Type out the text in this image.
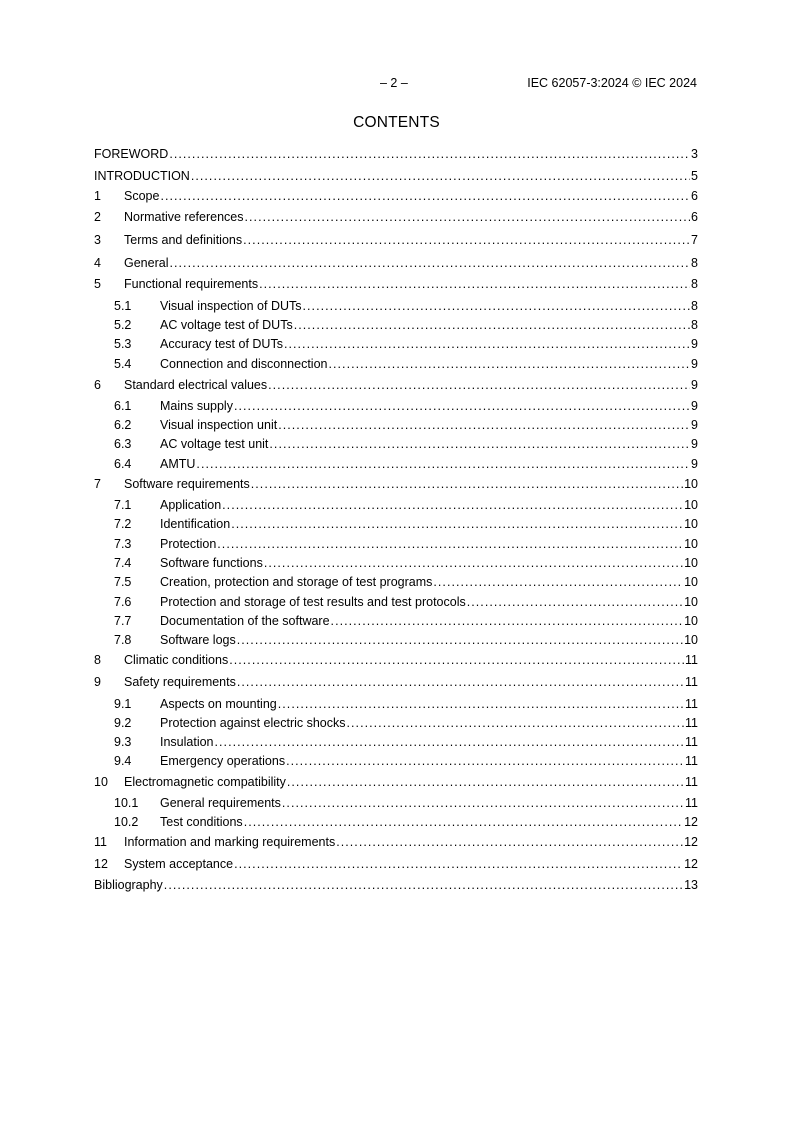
– 2 –	IEC 62057-3:2024 © IEC 2024
CONTENTS
FOREWORD .....	3
INTRODUCTION .....	5
1	Scope .....	6
2	Normative references .....	6
3	Terms and definitions .....	7
4	General .....	8
5	Functional requirements .....	8
5.1	Visual inspection of DUTs .....	8
5.2	AC voltage test of DUTs .....	8
5.3	Accuracy test of DUTs .....	9
5.4	Connection and disconnection .....	9
6	Standard electrical values .....	9
6.1	Mains supply .....	9
6.2	Visual inspection unit .....	9
6.3	AC voltage test unit .....	9
6.4	AMTU .....	9
7	Software requirements .....	10
7.1	Application .....	10
7.2	Identification .....	10
7.3	Protection .....	10
7.4	Software functions .....	10
7.5	Creation, protection and storage of test programs .....	10
7.6	Protection and storage of test results and test protocols .....	10
7.7	Documentation of the software .....	10
7.8	Software logs .....	10
8	Climatic conditions .....	11
9	Safety requirements .....	11
9.1	Aspects on mounting .....	11
9.2	Protection against electric shocks .....	11
9.3	Insulation .....	11
9.4	Emergency operations .....	11
10	Electromagnetic compatibility .....	11
10.1	General requirements .....	11
10.2	Test conditions .....	12
11	Information and marking requirements .....	12
12	System acceptance .....	12
Bibliography .....	13
